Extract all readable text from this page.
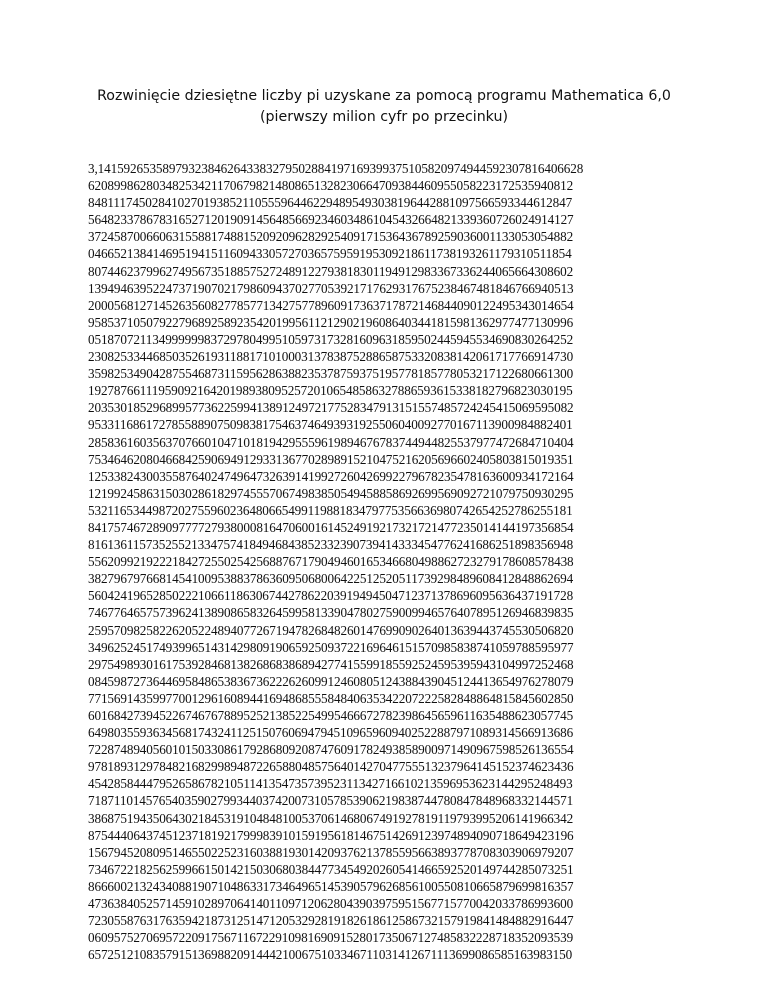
Rozwinięcie dziesiętne liczby pi uzyskane za pomocą programu Mathematica 6,0
(pierwszy milion cyfr po przecinku)
3,141592653589793238462643383279502884197169399375105820974944592307816406628
620899862803482534211706798214808651328230664709384460955058223172535940812
848111745028410270193852110555964462294895493038196442881097566593344612847
564823378678316527120190914564856692346034861045432664821339360726024914127
372458700660631558817488152092096282925409171536436789259036001133053054882
046652138414695194151160943305727036575959195309218611738193261179310511854
807446237996274956735188575272489122793818301194912983367336244065664308602
139494639522473719070217986094370277053921717629317675238467481846766940513
200056812714526356082778577134275778960917363717872146844090122495343014654
958537105079227968925892354201995611212902196086403441815981362977477130996
051870721134999999837297804995105973173281609631859502445945534690830264252
230825334468503526193118817101000313783875288658753320838142061717766914730
359825349042875546873115956286388235378759375195778185778053217122680661300
192787661119590921642019893809525720106548586327886593615338182796823030195
203530185296899577362259941389124972177528347913151557485724245415069595082
953311686172785588907509838175463746493931925506040092770167113900984882401
285836160356370766010471018194295559619894676783744944825537977472684710404
753464620804668425906949129331367702898915210475216205696602405803815019351
125338243003558764024749647326391419927260426992279678235478163600934172164
121992458631503028618297455570674983850549458858692699569092721079750930295
532116534498720275596023648066549911988183479775356636980742654252786255181
841757467289097777279380008164706001614524919217321721477235014144197356854
816136115735255213347574184946843852332390739414333454776241686251898356948
556209921922218427255025425688767179049460165346680498862723279178608578438
382796797668145410095388378636095068006422512520511739298489608412848862694
560424196528502221066118630674427862203919494504712371378696095636437191728
746776465757396241389086583264599581339047802759009946576407895126946839835
259570982582262052248940772671947826848260147699090264013639443745530506820
349625245174939965143142980919065925093722169646151570985838741059788595977
297549893016175392846813826868386894277415599185592524595395943104997252468
084598727364469584865383673622262609912460805124388439045124413654976278079
771569143599770012961608944169486855584840635342207222582848864815845602850
601684273945226746767889525213852254995466672782398645659611635488623057745
649803559363456817432411251507606947945109659609402522887971089314566913686
722874894056010150330861792868092087476091782493858900971490967598526136554
978189312978482168299894872265880485756401427047755513237964145152374623436
454285844479526586782105114135473573952311342716610213596953623144295248493
718711014576540359027993440374200731057853906219838744780847848968332144571
386875194350643021845319104848100537061468067491927819119793995206141966342
875444064374512371819217999839101591956181467514269123974894090718649423196
156794520809514655022523160388193014209376213785595663893778708303906979207
734672218256259966150142150306803844773454920260541466592520149744285073251
866600213243408819071048633173464965145390579626856100550810665879699816357
473638405257145910289706414011097120628043903975951567715770042033786993600
723055876317635942187312514712053292819182618612586732157919841484882916447
060957527069572209175671167229109816909152801735067127485832228718352093539
657251210835791513698820914442100675103346711031412671113699086585163983150
